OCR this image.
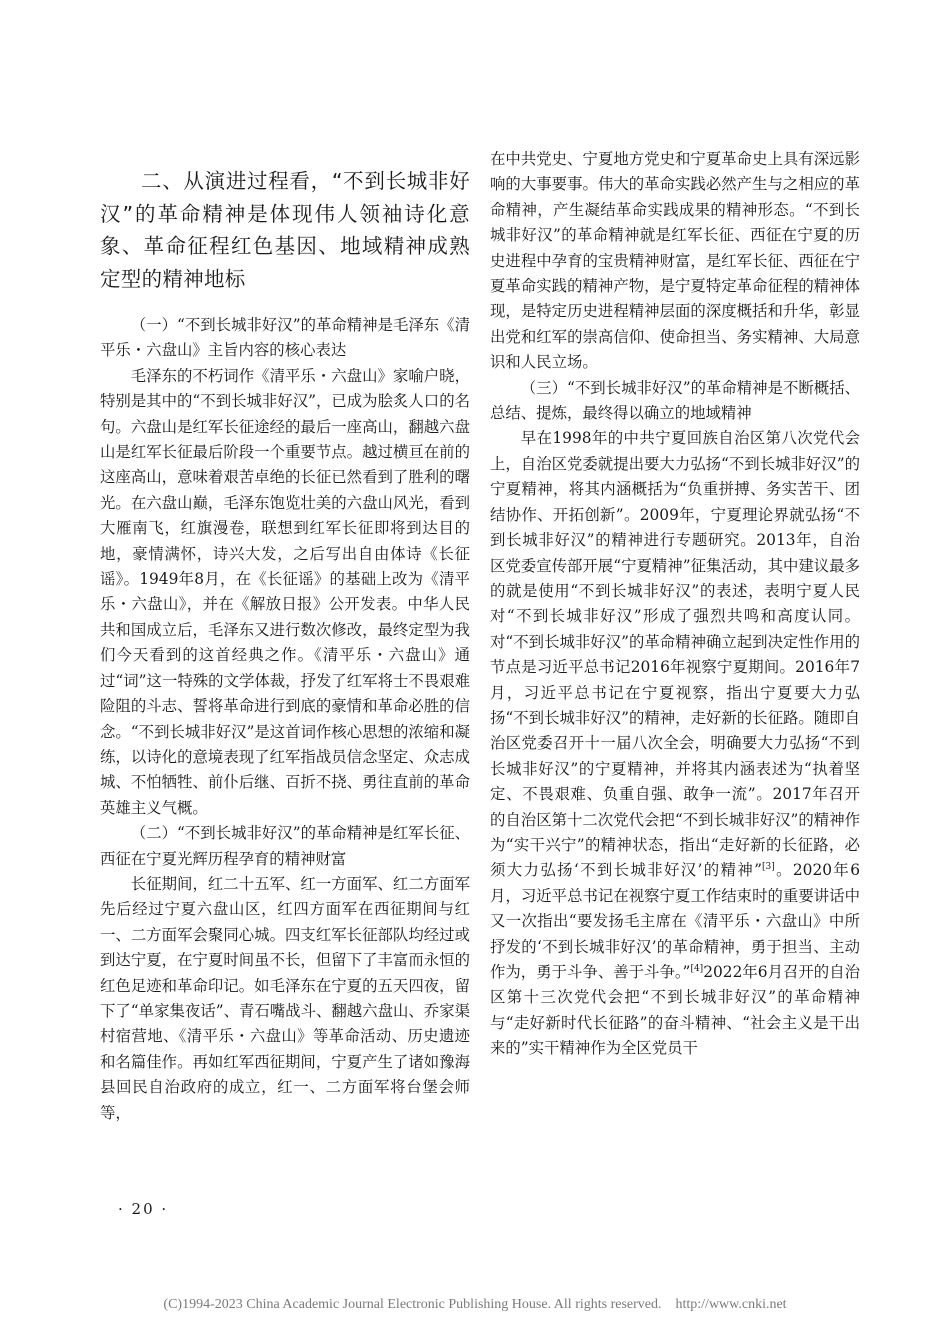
二、从演进过程看，“不到长城非好汉”的革命精神是体现伟人领袖诗化意象、革命征程红色基因、地域精神成熟定型的精神地标

（一）“不到长城非好汉”的革命精神是毛泽东《清平乐・六盘山》主旨内容的核心表达

毛泽东的不朽词作《清平乐・六盘山》家喻户晓，特别是其中的“不到长城非好汉”，已成为脍炙人口的名句。六盘山是红军长征途经的最后一座高山，翻越六盘山是红军长征最后阶段一个重要节点。越过横亘在前的这座高山，意味着艰苦卓绝的长征已然看到了胜利的曙光。在六盘山巅，毛泽东饱览壮美的六盘山风光，看到大雁南飞，红旗漫卷，联想到红军长征即将到达目的地，豪情满怀，诗兴大发，之后写出自由体诗《长征谣》。1949年8月，在《长征谣》的基础上改为《清平乐・六盘山》，并在《解放日报》公开发表。中华人民共和国成立后，毛泽东又进行数次修改，最终定型为我们今天看到的这首经典之作。《清平乐・六盘山》通过“词”这一特殊的文学体裁，抒发了红军将士不畏艰难险阻的斗志、誓将革命进行到底的豪情和革命必胜的信念。“不到长城非好汉”是这首词作核心思想的浓缩和凝练，以诗化的意境表现了红军指战员信念坚定、众志成城、不怕牺牲、前仆后继、百折不挠、勇往直前的革命英雄主义气概。

（二）“不到长城非好汉”的革命精神是红军长征、西征在宁夏光辉历程孕育的精神财富

长征期间，红二十五军、红一方面军、红二方面军先后经过宁夏六盘山区，红四方面军在西征期间与红一、二方面军会聚同心城。四支红军长征部队均经过或到达宁夏，在宁夏时间虽不长，但留下了丰富而永恒的红色足迹和革命印记。如毛泽东在宁夏的五天四夜，留下了“单家集夜话”、青石嘴战斗、翻越六盘山、乔家渠村宿营地、《清平乐・六盘山》等革命活动、历史遗迹和名篇佳作。再如红军西征期间，宁夏产生了诸如豫海县回民自治政府的成立，红一、二方面军将台堡会师等，

在中共党史、宁夏地方党史和宁夏革命史上具有深远影响的大事要事。伟大的革命实践必然产生与之相应的革命精神，产生凝结革命实践成果的精神形态。“不到长城非好汉”的革命精神就是红军长征、西征在宁夏的历史进程中孕育的宝贵精神财富，是红军长征、西征在宁夏革命实践的精神产物，是宁夏特定革命征程的精神体现，是特定历史进程精神层面的深度概括和升华，彰显出党和红军的崇高信仰、使命担当、务实精神、大局意识和人民立场。

（三）“不到长城非好汉”的革命精神是不断概括、总结、提炼，最终得以确立的地域精神

早在1998年的中共宁夏回族自治区第八次党代会上，自治区党委就提出要大力弘扬“不到长城非好汉”的宁夏精神，将其内涵概括为“负重拼搏、务实苦干、团结协作、开拓创新”。2009年，宁夏理论界就弘扬“不到长城非好汉”的精神进行专题研究。2013年，自治区党委宣传部开展“宁夏精神”征集活动，其中建议最多的就是使用“不到长城非好汉”的表述，表明宁夏人民对“不到长城非好汉”形成了强烈共鸣和高度认同。对“不到长城非好汉”的革命精神确立起到决定性作用的节点是习近平总书记2016年视察宁夏期间。2016年7月，习近平总书记在宁夏视察，指出宁夏要大力弘扬“不到长城非好汉”的精神，走好新的长征路。随即自治区党委召开十一届八次全会，明确要大力弘扬“不到长城非好汉”的宁夏精神，并将其内涵表述为“执着坚定、不畏艰难、负重自强、敢争一流”。2017年召开的自治区第十二次党代会把“不到长城非好汉”的精神作为“实干兴宁”的精神状态，指出“走好新的长征路，必须大力弘扬‘不到长城非好汉’的精神”[3]。2020年6月，习近平总书记在视察宁夏工作结束时的重要讲话中又一次指出“要发扬毛主席在《清平乐・六盘山》中所抒发的‘不到长城非好汉’的革命精神，勇于担当、主动作为，勇于斗争、善于斗争。”[4]2022年6月召开的自治区第十三次党代会把“不到长城非好汉”的革命精神与“走好新时代长征路”的奋斗精神、“社会主义是干出来的”实干精神作为全区党员干

· 20 ·
(C)1994-2023 China Academic Journal Electronic Publishing House. All rights reserved.    http://www.cnki.net
